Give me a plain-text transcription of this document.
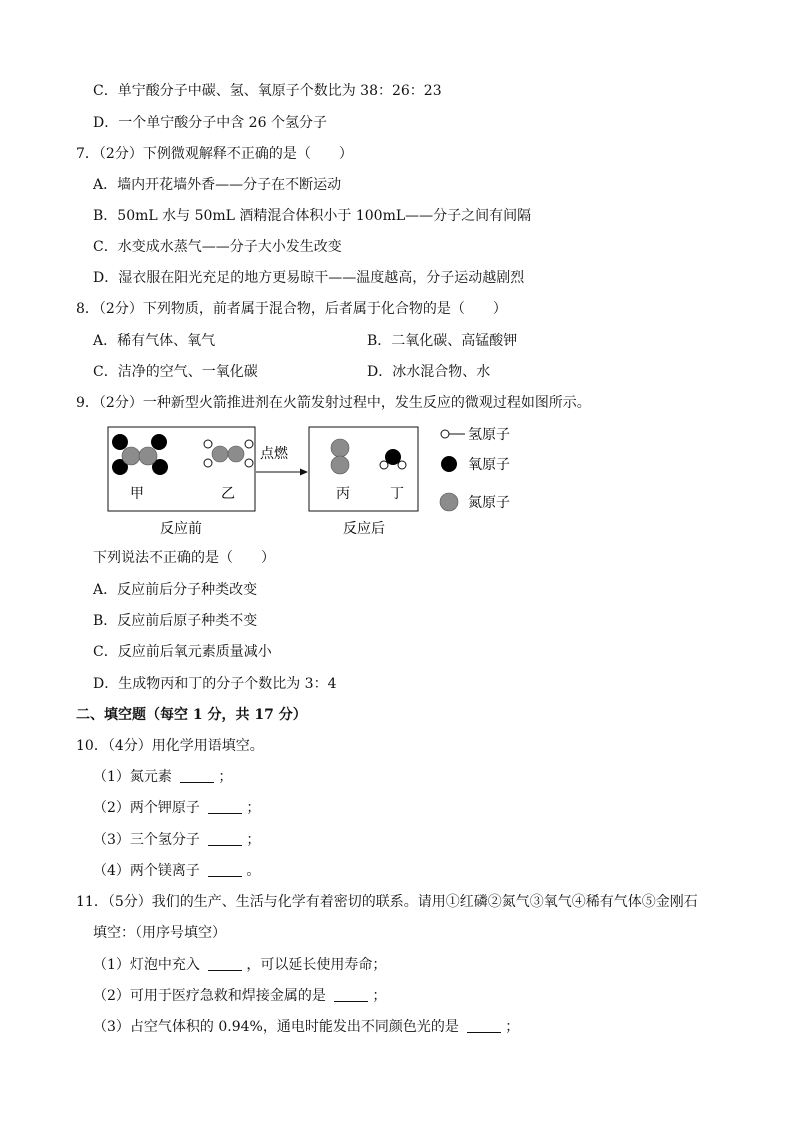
C．单宁酸分子中碳、氢、氧原子个数比为 38：26：23
D．一个单宁酸分子中含 26 个氢分子
7．（2分）下例微观解释不正确的是（　　）
A．墙内开花墙外香——分子在不断运动
B．50mL 水与 50mL 酒精混合体积小于 100mL——分子之间有间隔
C．水变成水蒸气——分子大小发生改变
D．湿衣服在阳光充足的地方更易晾干——温度越高，分子运动越剧烈
8．（2分）下列物质，前者属于混合物，后者属于化合物的是（　　）
A．稀有气体、氧气	B．二氧化碳、高锰酸钾
C．洁净的空气、一氧化碳	D．冰水混合物、水
9．（2分）一种新型火箭推进剂在火箭发射过程中，发生反应的微观过程如图所示。
甲	乙
点燃
丙	丁
反应前	反应后
氢原子
氧原子
氮原子
下列说法不正确的是（　　）
A．反应前后分子种类改变
B．反应前后原子种类不变
C．反应前后氧元素质量减小
D．生成物丙和丁的分子个数比为 3：4
二、填空题（每空 1 分，共 17 分）
10．（4分）用化学用语填空。
（1）氮元素	；
（2）两个钾原子	；
（3）三个氢分子	；
（4）两个镁离子	。
11．（5分）我们的生产、生活与化学有着密切的联系。请用①红磷②氮气③氧气④稀有气体⑤金刚石
填空：（用序号填空）
（1）灯泡中充入	，可以延长使用寿命；
（2）可用于医疗急救和焊接金属的是	；
（3）占空气体积的 0.94%，通电时能发出不同颜色光的是	；
